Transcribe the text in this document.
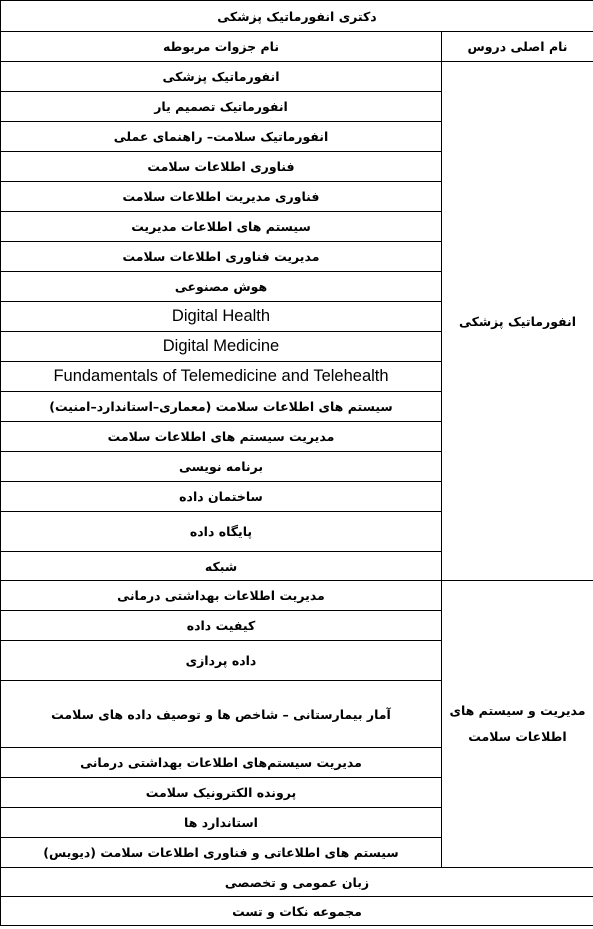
دکتری انفورماتیک پزشکی	
نام جزوات مربوطه	نام اصلی دروس
انفورماتیک پزشکی	انفورماتیک پزشکی
انفورماتیک تصمیم یار	
انفورماتیک سلامت– راهنمای عملی	
فناوری اطلاعات سلامت	
فناوری مدیریت اطلاعات سلامت	
سیستم های اطلاعات مدیریت	
مدیریت فناوری اطلاعات سلامت	
هوش مصنوعی	
Digital Health	
Digital Medicine	
Fundamentals of Telemedicine and Telehealth	
سیستم های اطلاعات سلامت (معماری–استاندارد–امنیت)	
مدیریت سیستم های اطلاعات سلامت	
برنامه نویسی	
ساختمان داده	
پایگاه داده	
شبکه	
مدیریت اطلاعات بهداشتی درمانی	مدیریت و سیستم های اطلاعات سلامت
کیفیت داده	
داده پردازی	
آمار بیمارستانی – شاخص ها و توصیف داده های سلامت	
مدیریت سیستم‌های اطلاعات بهداشتی درمانی	
پرونده الکترونیک سلامت	
استاندارد ها	
سیستم های اطلاعاتی و فناوری اطلاعات سلامت (دیویس)	
زبان عمومی و تخصصی	
مجموعه نکات و تست	
